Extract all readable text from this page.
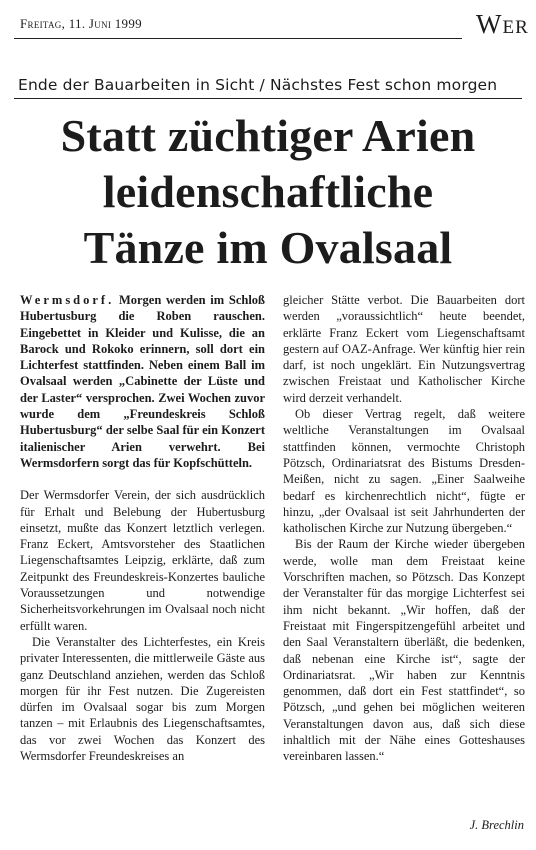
Freitag, 11. Juni 1999	Wer
Ende der Bauarbeiten in Sicht / Nächstes Fest schon morgen
Statt züchtiger Arien
leidenschaftliche
Tänze im Ovalsaal

Wermsdorf. Morgen werden im Schloß Hubertusburg die Roben rauschen. Eingebettet in Kleider und Kulisse, die an Barock und Rokoko erinnern, soll dort ein Lichterfest stattfinden. Neben einem Ball im Ovalsaal werden „Cabinette der Lüste und der Laster“ versprochen. Zwei Wochen zuvor wurde dem „Freundeskreis Schloß Hubertusburg“ der selbe Saal für ein Konzert italienischer Arien verwehrt. Bei Wermsdorfern sorgt das für Kopfschütteln.

Der Wermsdorfer Verein, der sich ausdrücklich für Erhalt und Belebung der Hubertusburg einsetzt, mußte das Konzert letztlich verlegen. Franz Eckert, Amtsvorsteher des Staatlichen Liegenschaftsamtes Leipzig, erklärte, daß zum Zeitpunkt des Freundeskreis-Konzertes bauliche Voraussetzungen und notwendige Sicherheitsvorkehrungen im Ovalsaal noch nicht erfüllt waren.

Die Veranstalter des Lichterfestes, ein Kreis privater Interessenten, die mittlerweile Gäste aus ganz Deutschland anziehen, werden das Schloß morgen für ihr Fest nutzen. Die Zugereisten dürfen im Ovalsaal sogar bis zum Morgen tanzen – mit Erlaubnis des Liegenschaftsamtes, das vor zwei Wochen das Konzert des Wermsdorfer Freundeskreises an

gleicher Stätte verbot. Die Bauarbeiten dort werden „voraussichtlich“ heute beendet, erklärte Franz Eckert vom Liegenschaftsamt gestern auf OAZ-Anfrage. Wer künftig hier rein darf, ist noch ungeklärt. Ein Nutzungsvertrag zwischen Freistaat und Katholischer Kirche wird derzeit verhandelt.

Ob dieser Vertrag regelt, daß weitere weltliche Veranstaltungen im Ovalsaal stattfinden können, vermochte Christoph Pötzsch, Ordinariatsrat des Bistums Dresden-Meißen, nicht zu sagen. „Einer Saalweihe bedarf es kirchenrechtlich nicht“, fügte er hinzu, „der Ovalsaal ist seit Jahrhunderten der katholischen Kirche zur Nutzung übergeben.“

Bis der Raum der Kirche wieder übergeben werde, wolle man dem Freistaat keine Vorschriften machen, so Pötzsch. Das Konzept der Veranstalter für das morgige Lichterfest sei ihm nicht bekannt. „Wir hoffen, daß der Freistaat mit Fingerspitzengefühl arbeitet und den Saal Veranstaltern überläßt, die bedenken, daß nebenan eine Kirche ist“, sagte der Ordinariatsrat. „Wir haben zur Kenntnis genommen, daß dort ein Fest stattfindet“, so Pötzsch, „und gehen bei möglichen weiteren Veranstaltungen davon aus, daß sich diese inhaltlich mit der Nähe eines Gotteshauses vereinbaren lassen.“

J. Brechlin
